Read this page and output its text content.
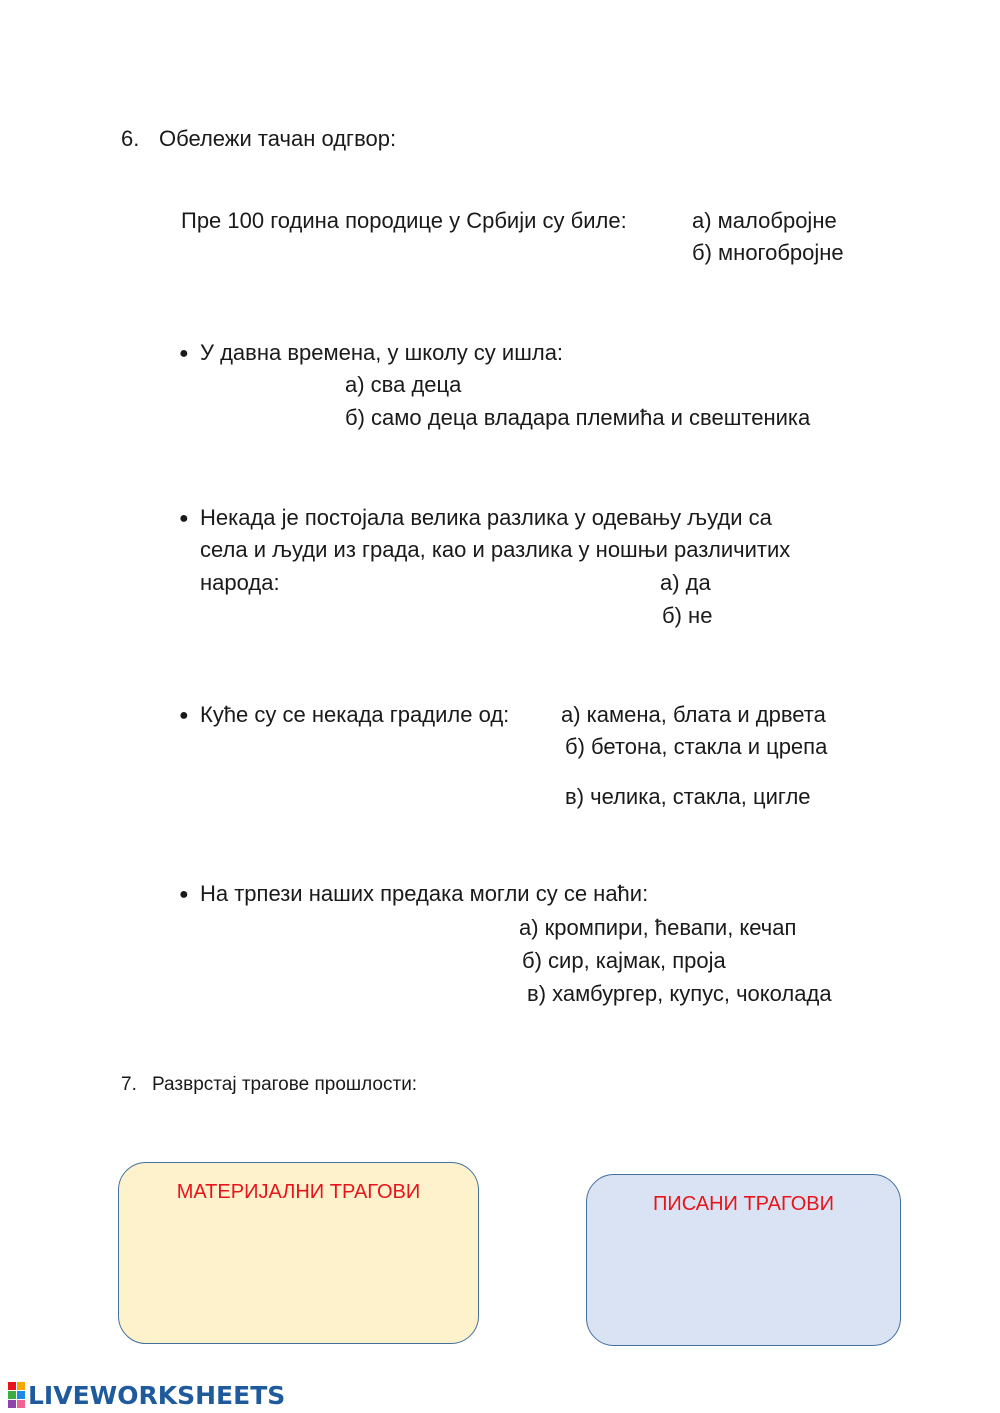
6. Обележи тачан одгвор:
Пре 100 година породице у Србији су биле:	а) малобројне
б) многобројне
● У давна времена, у школу су ишла:
а) сва деца
б) само деца владара племића и свештеника
● Некада је постојала велика разлика у одевању људи са
села и људи из града, као и разлика у ношњи различитих
народа:	а) да
б) не
● Куће су се некада градиле од: а) камена, блата и дрвета
б) бетона, стакла и црепа
в) челика, стакла, цигле
● На трпези наших предака могли су се наћи:
а) кромпири, ћевапи, кечап
б) сир, кајмак, проја
в) хамбургер, купус, чоколада
7. Разврстај трагове прошлости:
МАТЕРИЈАЛНИ ТРАГОВИ
ПИСАНИ ТРАГОВИ
LIVEWORKSHEETS
